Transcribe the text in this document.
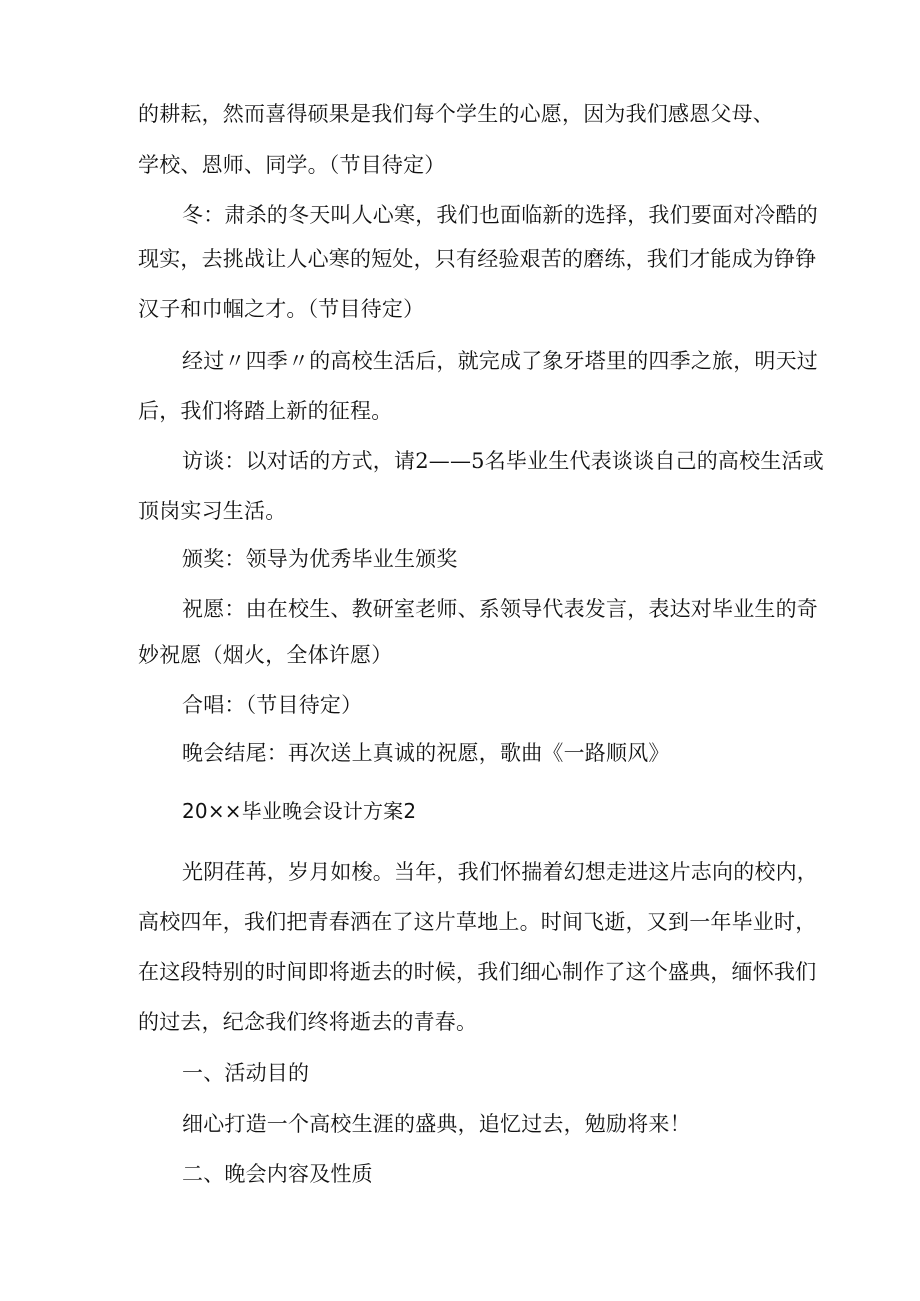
的耕耘，然而喜得硕果是我们每个学生的心愿，因为我们感恩父母、
学校、恩师、同学。（节目待定）
冬：肃杀的冬天叫人心寒，我们也面临新的选择，我们要面对冷酷的
现实，去挑战让人心寒的短处，只有经验艰苦的磨练，我们才能成为铮铮
汉子和巾帼之才。（节目待定）
经过〃四季〃的高校生活后，就完成了象牙塔里的四季之旅，明天过
后，我们将踏上新的征程。
访谈：以对话的方式，请2——5名毕业生代表谈谈自己的高校生活或
顶岗实习生活。
颁奖：领导为优秀毕业生颁奖
祝愿：由在校生、教研室老师、系领导代表发言，表达对毕业生的奇
妙祝愿（烟火，全体许愿）
合唱：（节目待定）
晚会结尾：再次送上真诚的祝愿，歌曲《一路顺风》
20××毕业晚会设计方案2
光阴荏苒，岁月如梭。当年，我们怀揣着幻想走进这片志向的校内，
高校四年，我们把青春洒在了这片草地上。时间飞逝，又到一年毕业时，
在这段特别的时间即将逝去的时候，我们细心制作了这个盛典，缅怀我们
的过去，纪念我们终将逝去的青春。
一、活动目的
细心打造一个高校生涯的盛典，追忆过去，勉励将来！
二、晚会内容及性质
